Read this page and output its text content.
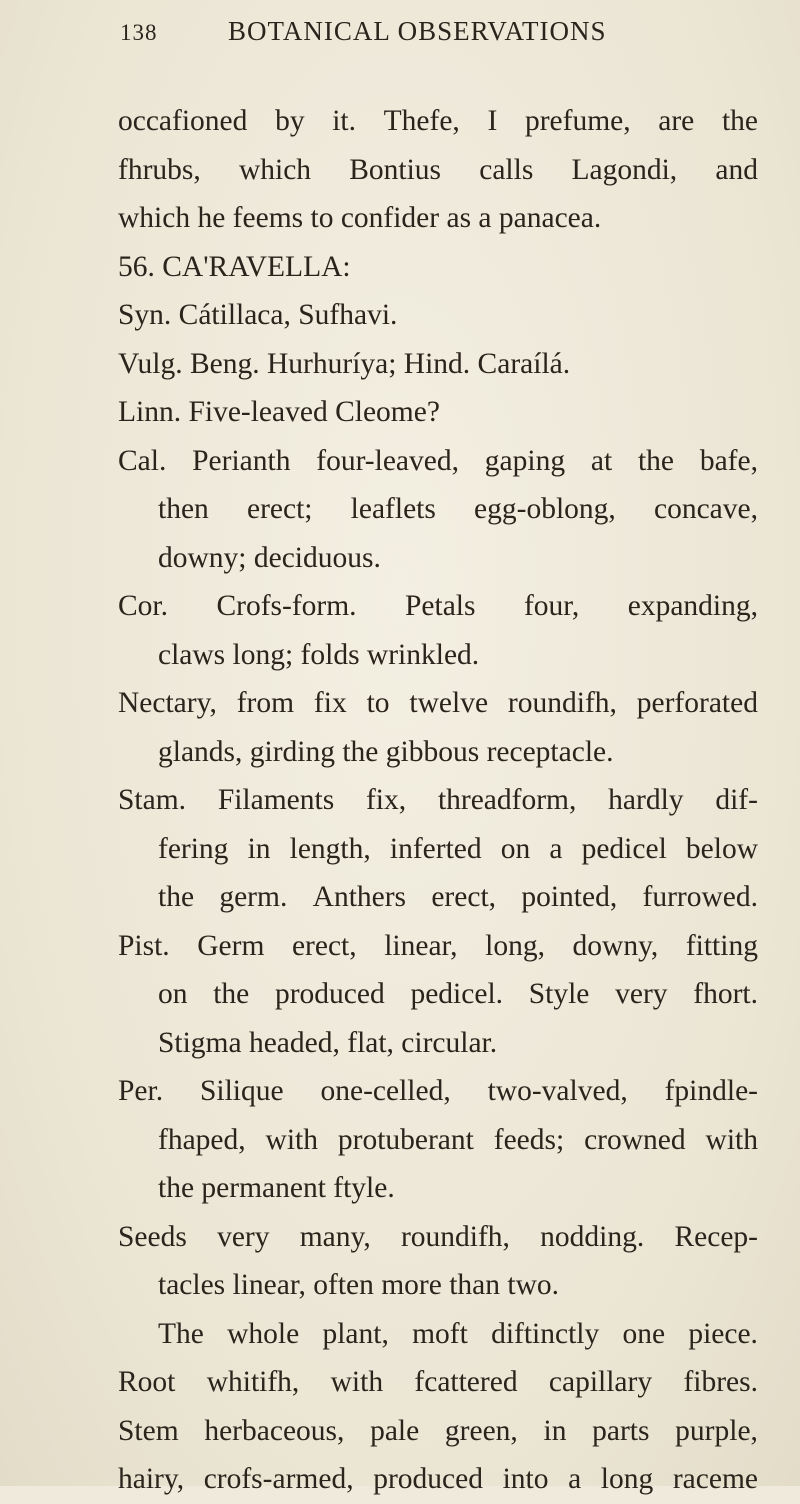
138	BOTANICAL OBSERVATIONS
occafioned by it. Thefe, I prefume, are the
fhrubs, which Bontius calls Lagondi, and
which he feems to confider as a panacea.
56. CA'RAVELLA:
Syn. Cátillaca, Sufhavi.
Vulg. Beng. Hurhuríya; Hind. Caraílá.
Linn. Five-leaved Cleome?
Cal. Perianth four-leaved, gaping at the bafe,
then erect; leaflets egg-oblong, concave,
downy; deciduous.
Cor. Crofs-form. Petals four, expanding,
claws long; folds wrinkled.
Nectary, from fix to twelve roundifh, perforated
glands, girding the gibbous receptacle.
Stam. Filaments fix, threadform, hardly dif-
fering in length, inferted on a pedicel below
the germ. Anthers erect, pointed, furrowed.
Pist. Germ erect, linear, long, downy, fitting
on the produced pedicel. Style very fhort.
Stigma headed, flat, circular.
Per. Silique one-celled, two-valved, fpindle-
fhaped, with protuberant feeds; crowned with
the permanent ftyle.
Seeds very many, roundifh, nodding. Recep-
tacles linear, often more than two.
The whole plant, moft diftinctly one piece.
Root whitifh, with fcattered capillary fibres.
Stem herbaceous, pale green, in parts purple,
hairy, crofs-armed, produced into a long raceme
